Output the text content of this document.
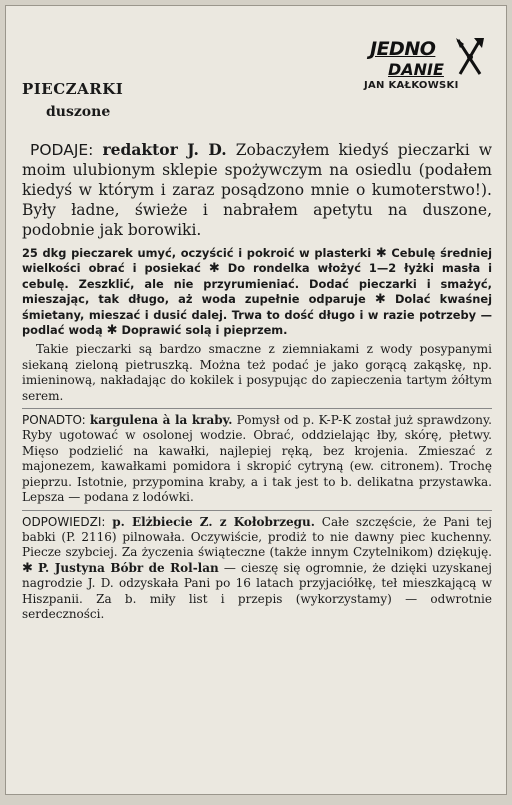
JEDNO
DANIE
JAN KAŁKOWSKI
PIECZARKI
duszone

PODAJE: redaktor J. D. Zobaczyłem kiedyś pieczarki w moim ulubionym sklepie spożywczym na osiedlu (podałem kiedyś w którym i zaraz posądzono mnie o kumoterstwo!). Były ładne, świeże i nabrałem apetytu na duszone, podobnie jak borowiki.

25 dkg pieczarek umyć, oczyścić i pokroić w plasterki ✱ Cebulę średniej wielkości obrać i posiekać ✱ Do rondelka włożyć 1—2 łyżki masła i cebulę. Zeszklić, ale nie przyrumieniać. Dodać pieczarki i smażyć, mieszając, tak długo, aż woda zupełnie odparuje ✱ Dolać kwaśnej śmietany, mieszać i dusić dalej. Trwa to dość długo i w razie potrzeby — podlać wodą ✱ Doprawić solą i pieprzem.

Takie pieczarki są bardzo smaczne z ziemniakami z wody posypanymi siekaną zieloną pietruszką. Można też podać je jako gorącą zakąskę, np. imieninową, nakładając do kokilek i posypując do zapieczenia tartym żółtym serem.

PONADTO: kargulena à la kraby. Pomysł od p. K-P-K został już sprawdzony. Ryby ugotować w osolonej wodzie. Obrać, oddzielając łby, skórę, płetwy. Mięso podzielić na kawałki, najlepiej ręką, bez krojenia. Zmieszać z majonezem, kawałkami pomidora i skropić cytryną (ew. citronem). Trochę pieprzu. Istotnie, przypomina kraby, a i tak jest to b. delikatna przystawka. Lepsza — podana z lodówki.

ODPOWIEDZI: p. Elżbiecie Z. z Kołobrzegu. Całe szczęście, że Pani tej babki (P. 2116) pilnowała. Oczywiście, prodiż to nie dawny piec kuchenny. Piecze szybciej. Za życzenia świąteczne (także innym Czytelnikom) dziękuję. ✱ P. Justyna Bóbr de Rol-lan — cieszę się ogromnie, że dzięki uzyskanej nagrodzie J. D. odzyskała Pani po 16 latach przyjaciółkę, teł mieszkającą w Hiszpanii. Za b. miły list i przepis (wykorzystamy) — odwrotnie serdeczności.
